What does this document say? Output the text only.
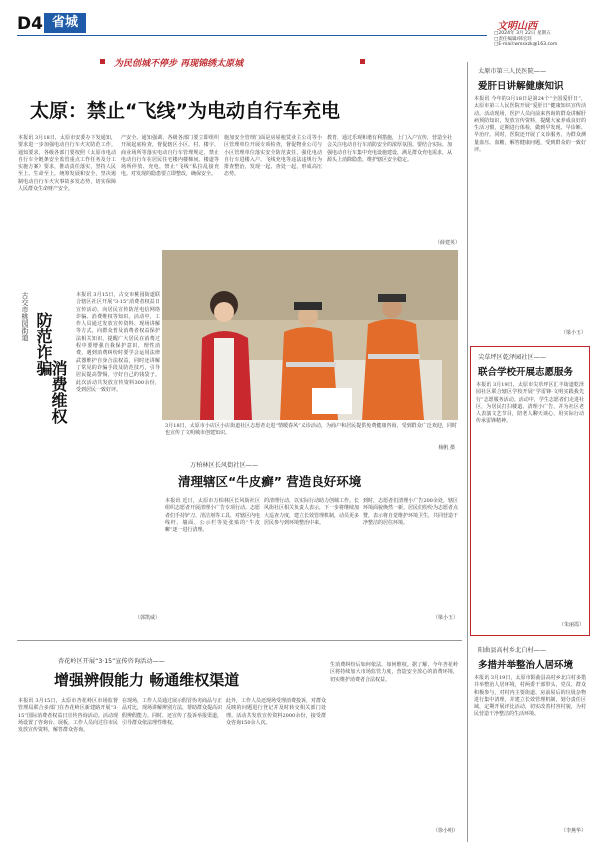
D4 省城	文明山西
□2024年 3月 22日 星期五
□责任编辑/韩宏旺
□E-mail:wmsxzk@163.com
为民创城不停步 再现锦绣太原城
太原：禁止“飞线”为电动自行车充电
本报讯 3月18日，太原市安委办下发通知，要求进一步加强电动自行车火灾防范工作。通知要求，各级各部门要按照《太原市电动自行车全链条安全监管重点工作任务及分工实施方案》要求，推动责任落实，坚持人民至上、生命至上，统筹发展和安全，坚决遏制电动自行车火灾事故多发态势，切实保障人民群众生命财产安全。
产安全。通知强调，各级各部门要立即组织开展起底检查，督促辖区小区、村、楼宇、商业场所等落实电动自行车管理规定，禁止电动自行车在居民住宅楼内楼梯间、楼道等场所停放、充电，禁止“飞线”私拉乱接充电。对发现的隐患要立即整改，确保安全。
施加安全管理门面是房屋租赁业主公司等小区管理单位开展专项检查，督促物业公司与小区管理单位落实安全防范责任，强化电动自行车进楼入户、飞线充电等违法违规行为排查整治，发现一起、查处一起，形成高压态势。
教育，通过乐观和谐有利措施，上门入户宣传，营造全社会关注电动自行车消防安全的浓厚氛围。要结合实际，加强电动自行车集中充电设施建设，满足群众充电需求，从源头上消除隐患，维护辖区安全稳定。
（薛建英）
古交市桃园街道 防范诈骗
消费维权
本报讯 3月15日，古交市桃园街道联合辖区社区开展“3·15”消费者权益日宣传活动，向居民宣传防范电信网络诈骗、消费维权等知识。活动中，工作人员通过发放宣传资料、现场讲解等方式，向群众普及消费者权益保护法相关知识，提醒广大居民在消费过程中要增强自我保护意识，理性消费，遇到消费纠纷时要学会运用法律武器维护自身合法权益，同时还讲解了常见的诈骗手段及防范技巧，引导居民提高警惕，守好自己的钱袋子。此次活动共发放宣传资料300余份，受到居民一致好评。
（郭凯威）
3月18日，太原市小店区小店街道社区志愿者走进“情暖春风”义诊活动，为商户和居民提供免费健康咨询，受到群众广泛欢迎，同时也宣传了文明城市创建知识。
杨帆 摄
万柏林区长风街社区——
清理辖区“牛皮癣” 营造良好环境
本报讯 近日，太原市万柏林区长风街社区组织志愿者开展清理小广告专项行动。志愿者们手持铲刀、清洁剂等工具，对辖区内电线杆、墙面、公示栏等处张贴的“牛皮癣”逐一进行清理。
的清理行动，以实际行动助力创城工作。长风街社区相关负责人表示，下一步将继续加大巡查力度，建立长效管理机制，动员更多居民参与到环境整治中来。
到时，志愿者们清理小广告200余处，辖区环境面貌焕然一新。居民们纷纷为志愿者点赞，表示将自觉维护环境卫生，共同营造干净整洁的居住环境。
（梁小玉）
杏花岭区开展“3·15”宣传咨询活动——
增强辨假能力 畅通维权渠道
本报讯 3月15日，太原市杏花岭区市场监督管理局联合多部门在杏花岭区新建路开展“3·15”国际消费者权益日宣传咨询活动。活动现场设置了咨询台、展板，工作人员向过往市民发放宣传资料，解答群众咨询。
在现场，工作人员通过展示假冒伪劣商品与正品对比，现场讲解辨别方法，帮助群众提高识假辨假能力。同时，还宣传了投诉举报渠道，引导群众依法理性维权。
此外，工作人员还现场受理消费投诉，对群众反映的问题进行登记并及时转交相关部门处理。活动共发放宣传资料2000余份，接受群众咨询150余人次。
生消费纠纷后如何依法、如何维权。据了解，今年杏花岭区将持续加大市场监管力度，营造安全放心的消费环境，切实维护消费者合法权益。
（徐小明）
太原市第三人民医院——
爱肝日讲解健康知识
本报讯 今年的3月18日是第24个“全国爱肝日”，太原市第三人民医院开展“爱肝日”健康知识宣传活动。活动现场，医护人员向前来咨询的群众讲解肝病预防知识，发放宣传资料，提醒大家养成良好的生活习惯，定期进行体检，做到早发现、早诊断、早治疗。同时，医院还开展了义诊服务，为群众测量血压、血糖，解答健康问题，受到群众的一致好评。
（梁小玉）
尖草坪区乾泽园社区——
联合学校开展志愿服务
本报讯 3月19日，太原市尖草坪区汇丰街道乾泽园社区联合辖区学校开展“学雷锋·文明实践我先行”志愿服务活动。活动中，学生志愿者们走进社区，为居民打扫楼道、清理小广告，并为社区老人表演文艺节目，陪老人聊天谈心，用实际行动传承雷锋精神。
（朱丽霞）
阳曲县高村乡北白村——
多措并举整治人居环境
本报讯 3月19日，太原市阳曲县高村乡北白村多措并举整治人居环境，村两委干部带头，党员、群众积极参与，对村内主要街道、房前屋后的垃圾杂物进行集中清理，并建立长效管理机制，划分责任区域，定期开展评比活动，切实改善村容村貌，为村民营造干净整洁的生活环境。
（李燕华）
